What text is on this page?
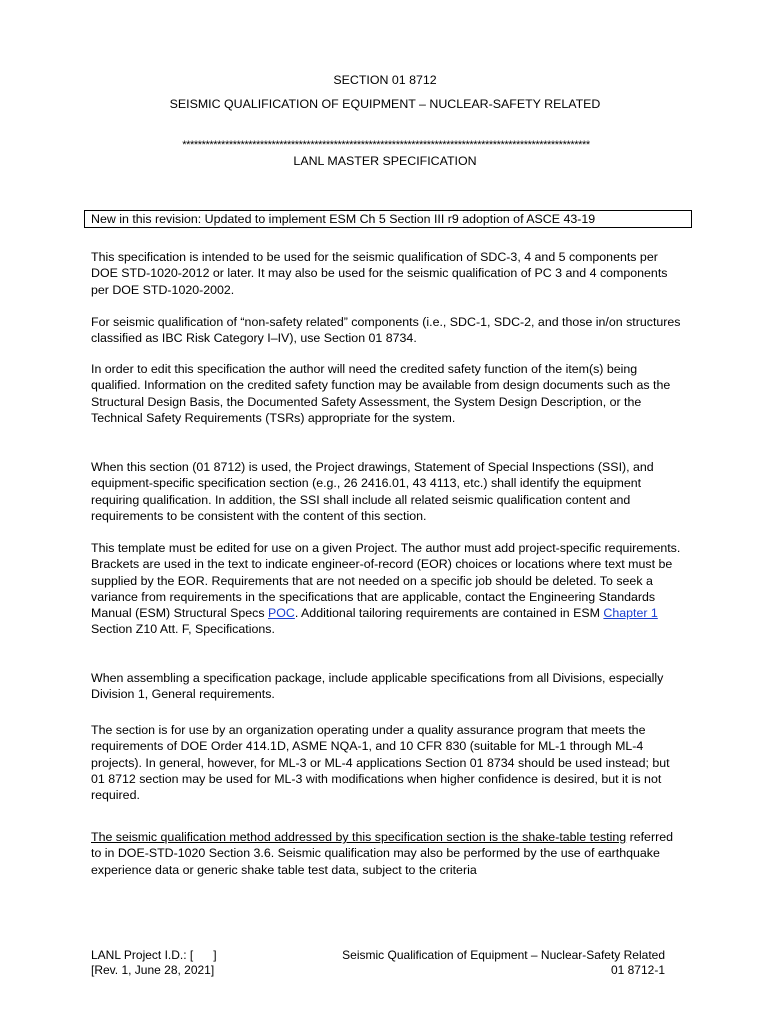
SECTION 01 8712
SEISMIC QUALIFICATION OF EQUIPMENT – NUCLEAR-SAFETY RELATED
*********************************************************************************************************
LANL MASTER SPECIFICATION
New in this revision: Updated to implement ESM Ch 5 Section III r9 adoption of ASCE 43-19

This specification is intended to be used for the seismic qualification of SDC-3, 4 and 5 components per DOE STD-1020-2012 or later. It may also be used for the seismic qualification of PC 3 and 4 components per DOE STD-1020-2002.

For seismic qualification of “non-safety related” components (i.e., SDC-1, SDC-2, and those in/on structures classified as IBC Risk Category I–IV), use Section 01 8734.

In order to edit this specification the author will need the credited safety function of the item(s) being qualified. Information on the credited safety function may be available from design documents such as the Structural Design Basis, the Documented Safety Assessment, the System Design Description, or the Technical Safety Requirements (TSRs) appropriate for the system.

When this section (01 8712) is used, the Project drawings, Statement of Special Inspections (SSI), and equipment-specific specification section (e.g., 26 2416.01, 43 4113, etc.) shall identify the equipment requiring qualification. In addition, the SSI shall include all related seismic qualification content and requirements to be consistent with the content of this section.

This template must be edited for use on a given Project. The author must add project-specific requirements. Brackets are used in the text to indicate engineer-of-record (EOR) choices or locations where text must be supplied by the EOR. Requirements that are not needed on a specific job should be deleted. To seek a variance from requirements in the specifications that are applicable, contact the Engineering Standards Manual (ESM) Structural Specs POC. Additional tailoring requirements are contained in ESM Chapter 1 Section Z10 Att. F, Specifications.

When assembling a specification package, include applicable specifications from all Divisions, especially Division 1, General requirements.

The section is for use by an organization operating under a quality assurance program that meets the requirements of DOE Order 414.1D, ASME NQA-1, and 10 CFR 830 (suitable for ML-1 through ML-4 projects). In general, however, for ML-3 or ML-4 applications Section 01 8734 should be used instead; but 01 8712 section may be used for ML-3 with modifications when higher confidence is desired, but it is not required.

The seismic qualification method addressed by this specification section is the shake-table testing referred to in DOE-STD-1020 Section 3.6. Seismic qualification may also be performed by the use of earthquake experience data or generic shake table test data, subject to the criteria

LANL Project I.D.: [      ]
[Rev. 1, June 28, 2021]
Seismic Qualification of Equipment – Nuclear-Safety Related
01 8712-1
